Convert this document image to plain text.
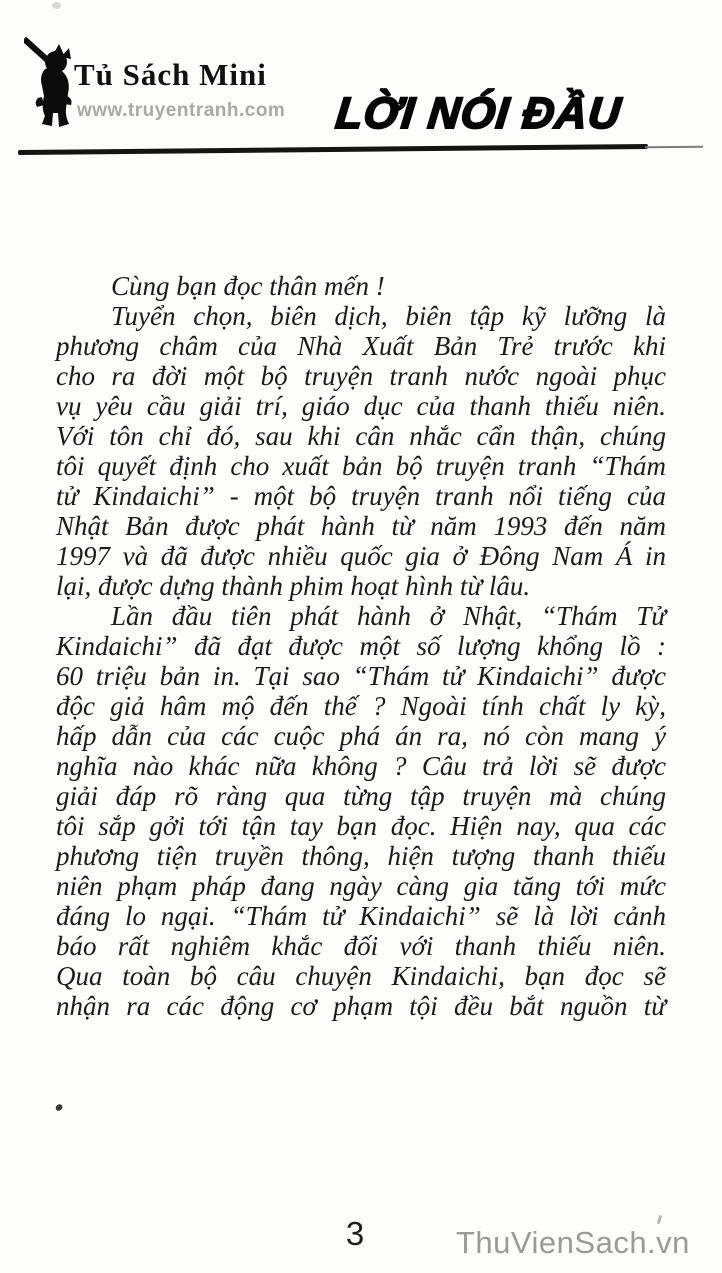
Tủ Sách Mini
www.truyentranh.com LỜI NÓI ĐẦU
Cùng bạn đọc thân mến !
Tuyển chọn, biên dịch, biên tập kỹ lưỡng là
phương châm của Nhà Xuất Bản Trẻ trước khi
cho ra đời một bộ truyện tranh nước ngoài phục
vụ yêu cầu giải trí, giáo dục của thanh thiếu niên.
Với tôn chỉ đó, sau khi cân nhắc cẩn thận, chúng
tôi quyết định cho xuất bản bộ truyện tranh “Thám
tử Kindaichi” - một bộ truyện tranh nổi tiếng của
Nhật Bản được phát hành từ năm 1993 đến năm
1997 và đã được nhiều quốc gia ở Đông Nam Á in
lại, được dựng thành phim hoạt hình từ lâu.
Lần đầu tiên phát hành ở Nhật, “Thám Tử
Kindaichi” đã đạt được một số lượng khổng lồ :
60 triệu bản in. Tại sao “Thám tử Kindaichi” được
độc giả hâm mộ đến thế ? Ngoài tính chất ly kỳ,
hấp dẫn của các cuộc phá án ra, nó còn mang ý
nghĩa nào khác nữa không ? Câu trả lời sẽ được
giải đáp rõ ràng qua từng tập truyện mà chúng
tôi sắp gởi tới tận tay bạn đọc. Hiện nay, qua các
phương tiện truyền thông, hiện tượng thanh thiếu
niên phạm pháp đang ngày càng gia tăng tới mức
đáng lo ngại. “Thám tử Kindaichi” sẽ là lời cảnh
báo rất nghiêm khắc đối với thanh thiếu niên.
Qua toàn bộ câu chuyện Kindaichi, bạn đọc sẽ
nhận ra các động cơ phạm tội đều bắt nguồn từ
3	ThuVienSach.vn
